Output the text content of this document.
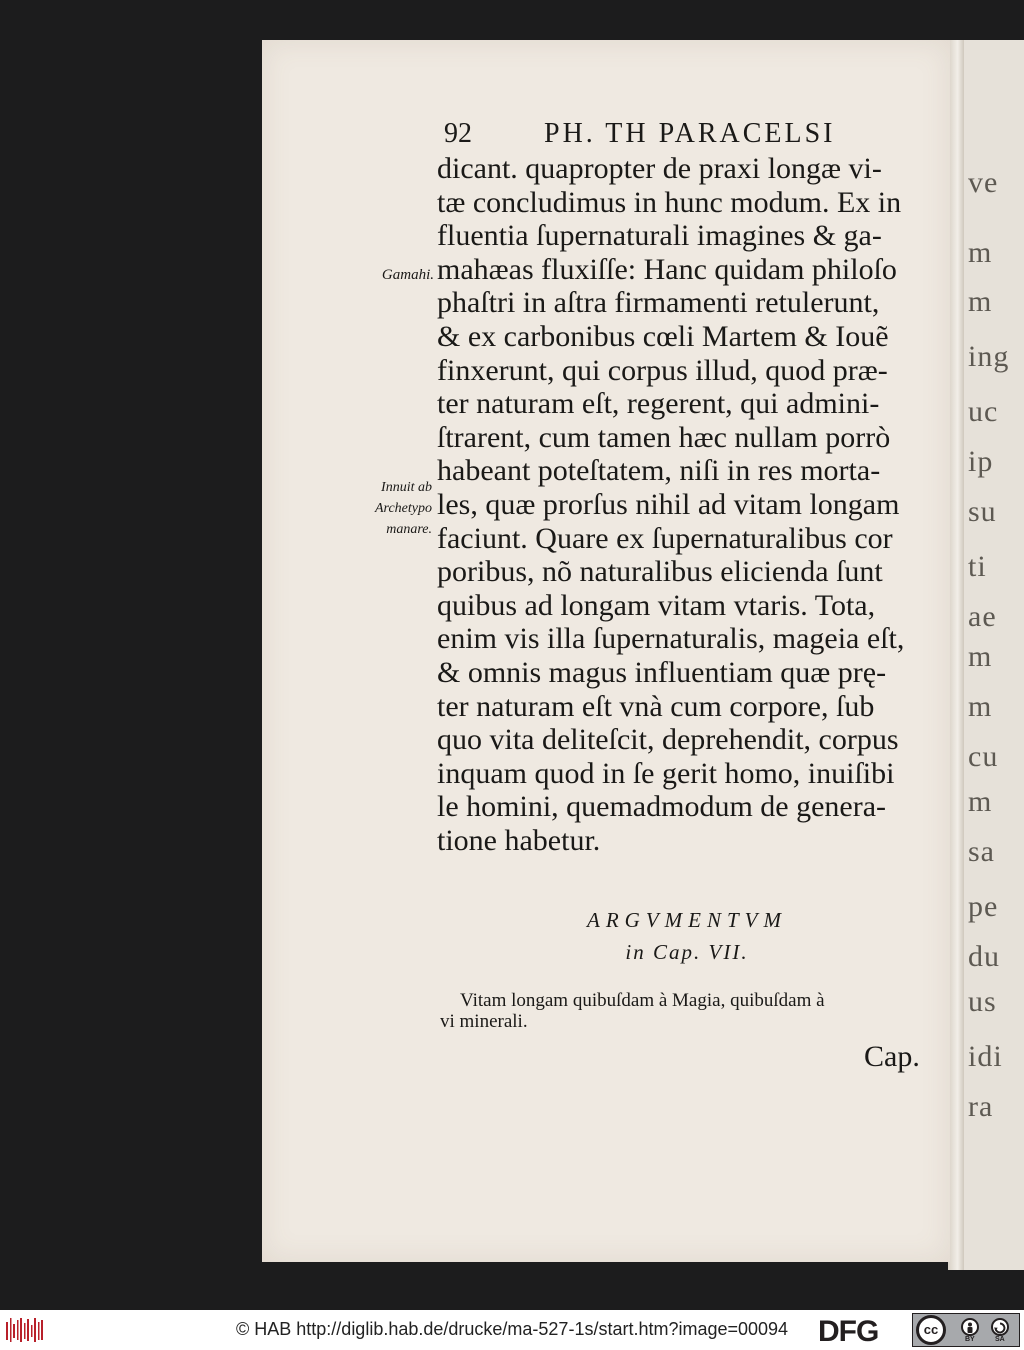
ve
m
m
ing
uc
ip
su
ti
ae
m
m
cu
m
sa
pe
du
us
idi
ra
92	PH. TH PARACELSI
Gamahi.
Innuit ab
Archetypo
manare.
dicant. quapropter de praxi longæ vi-
tæ concludimus in hunc modum. Ex in
fluentia ſupernaturali imagines & ga-
mahæas fluxiſſe: Hanc quidam philoſo
phaſtri in aſtra firmamenti retulerunt,
& ex carbonibus cœli Martem & Iouẽ
finxerunt, qui corpus illud, quod præ-
ter naturam eſt, regerent, qui admini-
ſtrarent, cum tamen hæc nullam porrò
habeant poteſtatem, niſi in res morta-
les, quæ prorſus nihil ad vitam longam
faciunt. Quare ex ſupernaturalibus cor
poribus, nõ naturalibus elicienda ſunt
quibus ad longam vitam vtaris. Tota,
enim vis illa ſupernaturalis, mageia eſt,
& omnis magus influentiam quæ prę-
ter naturam eſt vnà cum corpore, ſub
quo vita deliteſcit, deprehendit, corpus
inquam quod in ſe gerit homo, inuiſibi
le homini, quemadmodum de genera-
tione habetur.
ARGVMENTVM
in Cap. VII.
Vitam longam quibuſdam à Magia, quibuſdam à
vi minerali.
Cap.
© HAB http://diglib.hab.de/drucke/ma-527-1s/start.htm?image=00094 DFG	cc
BY	SA
